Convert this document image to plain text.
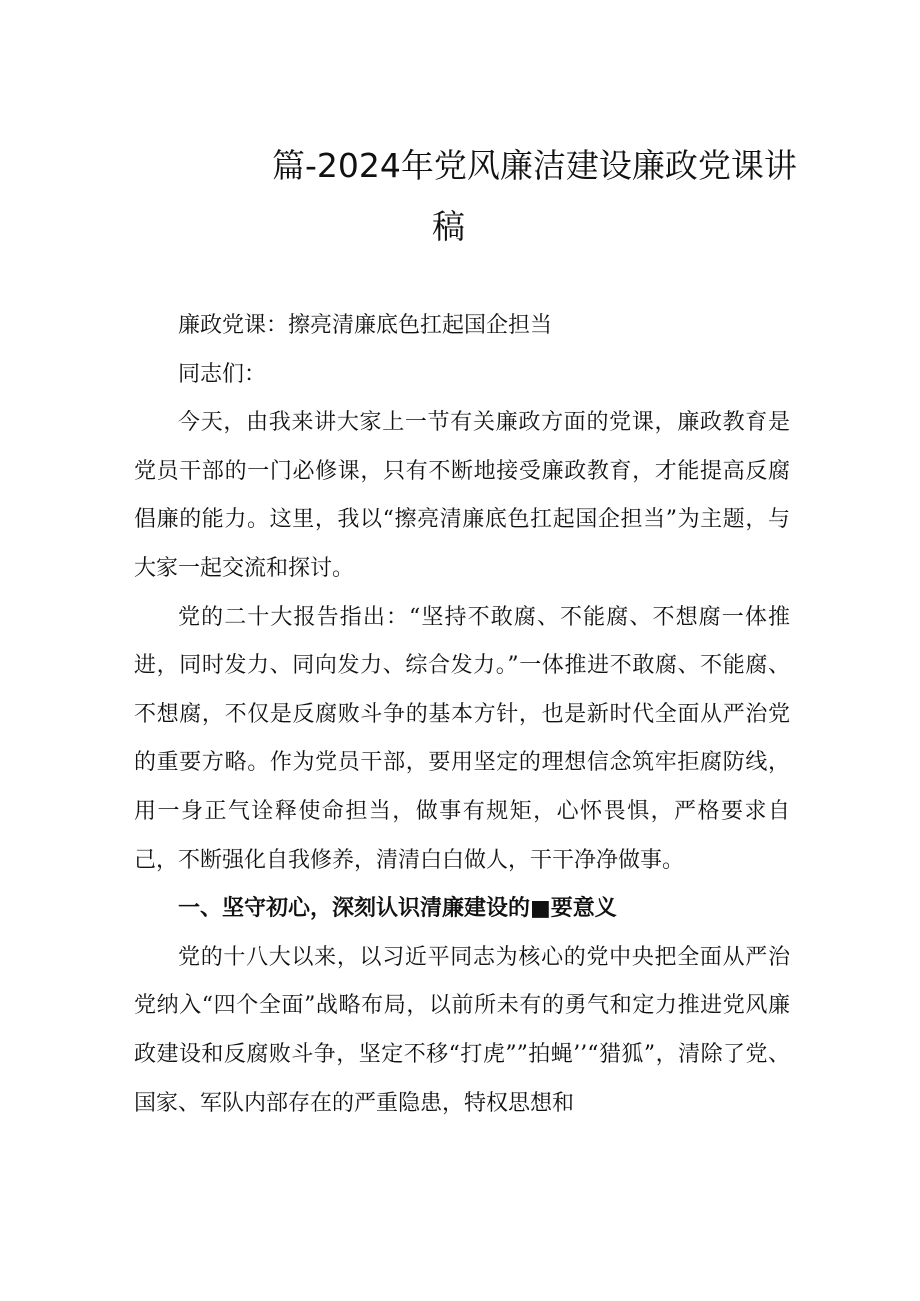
篇-2024年党风廉洁建设廉政党课讲
稿

廉政党课：擦亮清廉底色扛起国企担当

同志们：

今天，由我来讲大家上一节有关廉政方面的党课，廉政教育是党员干部的一门必修课，只有不断地接受廉政教育，才能提高反腐倡廉的能力。这里，我以“擦亮清廉底色扛起国企担当”为主题，与大家一起交流和探讨。

党的二十大报告指出：“坚持不敢腐、不能腐、不想腐一体推进，同时发力、同向发力、综合发力。”一体推进不敢腐、不能腐、不想腐，不仅是反腐败斗争的基本方针，也是新时代全面从严治党的重要方略。作为党员干部，要用坚定的理想信念筑牢拒腐防线，用一身正气诠释使命担当，做事有规矩，心怀畏惧，严格要求自己，不断强化自我修养，清清白白做人，干干净净做事。

一、坚守初心，深刻认识清廉建设的■要意义

党的十八大以来，以习近平同志为核心的党中央把全面从严治党纳入“四个全面”战略布局，以前所未有的勇气和定力推进党风廉政建设和反腐败斗争，坚定不移“打虎””拍蝇’’“猎狐”，清除了党、国家、军队内部存在的严重隐患，特权思想和
